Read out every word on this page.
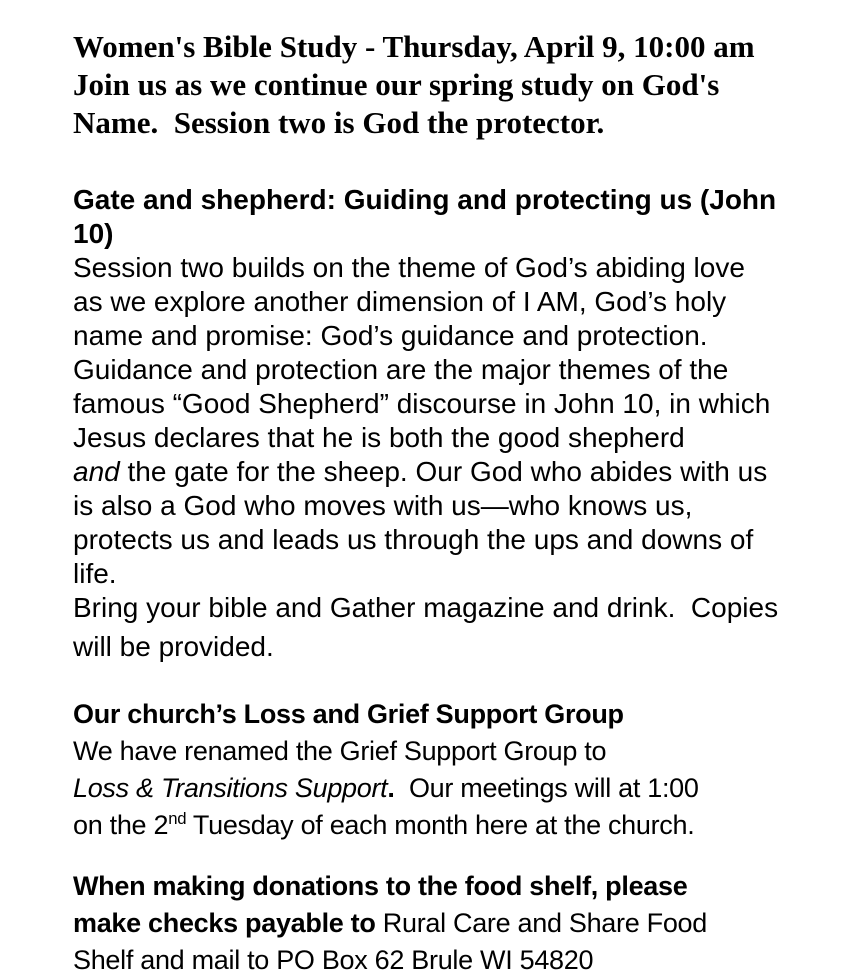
Women's Bible Study - Thursday, April 9, 10:00 am
Join us as we continue our spring study on God's
Name.  Session two is God the protector.
Gate and shepherd: Guiding and protecting us (John 10)
Session two builds on the theme of God’s abiding love
as we explore another dimension of I AM, God’s holy
name and promise: God’s guidance and protection.
Guidance and protection are the major themes of the
famous “Good Shepherd” discourse in John 10, in which
Jesus declares that he is both the good shepherd
and the gate for the sheep. Our God who abides with us
is also a God who moves with us—who knows us,
protects us and leads us through the ups and downs of
life.
Bring your bible and Gather magazine and drink.  Copies
will be provided.
Our church’s Loss and Grief Support Group
We have renamed the Grief Support Group to
Loss & Transitions Support.  Our meetings will at 1:00
on the 2nd Tuesday of each month here at the church.
When making donations to the food shelf, please
make checks payable to Rural Care and Share Food
Shelf and mail to PO Box 62 Brule WI 54820
